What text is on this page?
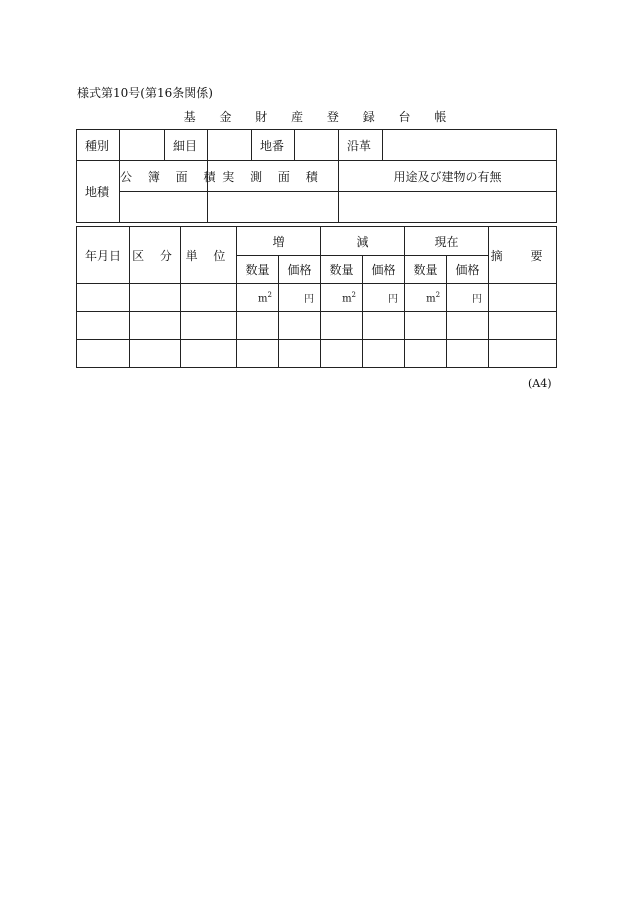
様式第10号(第16条関係)
基 金 財 産 登 録 台 帳
種別		細目		地番		沿革	
地積	公 簿 面 積		実 測 面 積			用途及び建物の有無	

年月日	区 分	単 位	増		減		現在		摘 要
			数量	価格	数量	価格	数量	価格	
			$m^2$	円	$m^2$	円	$m^2$	円	

(A4)
